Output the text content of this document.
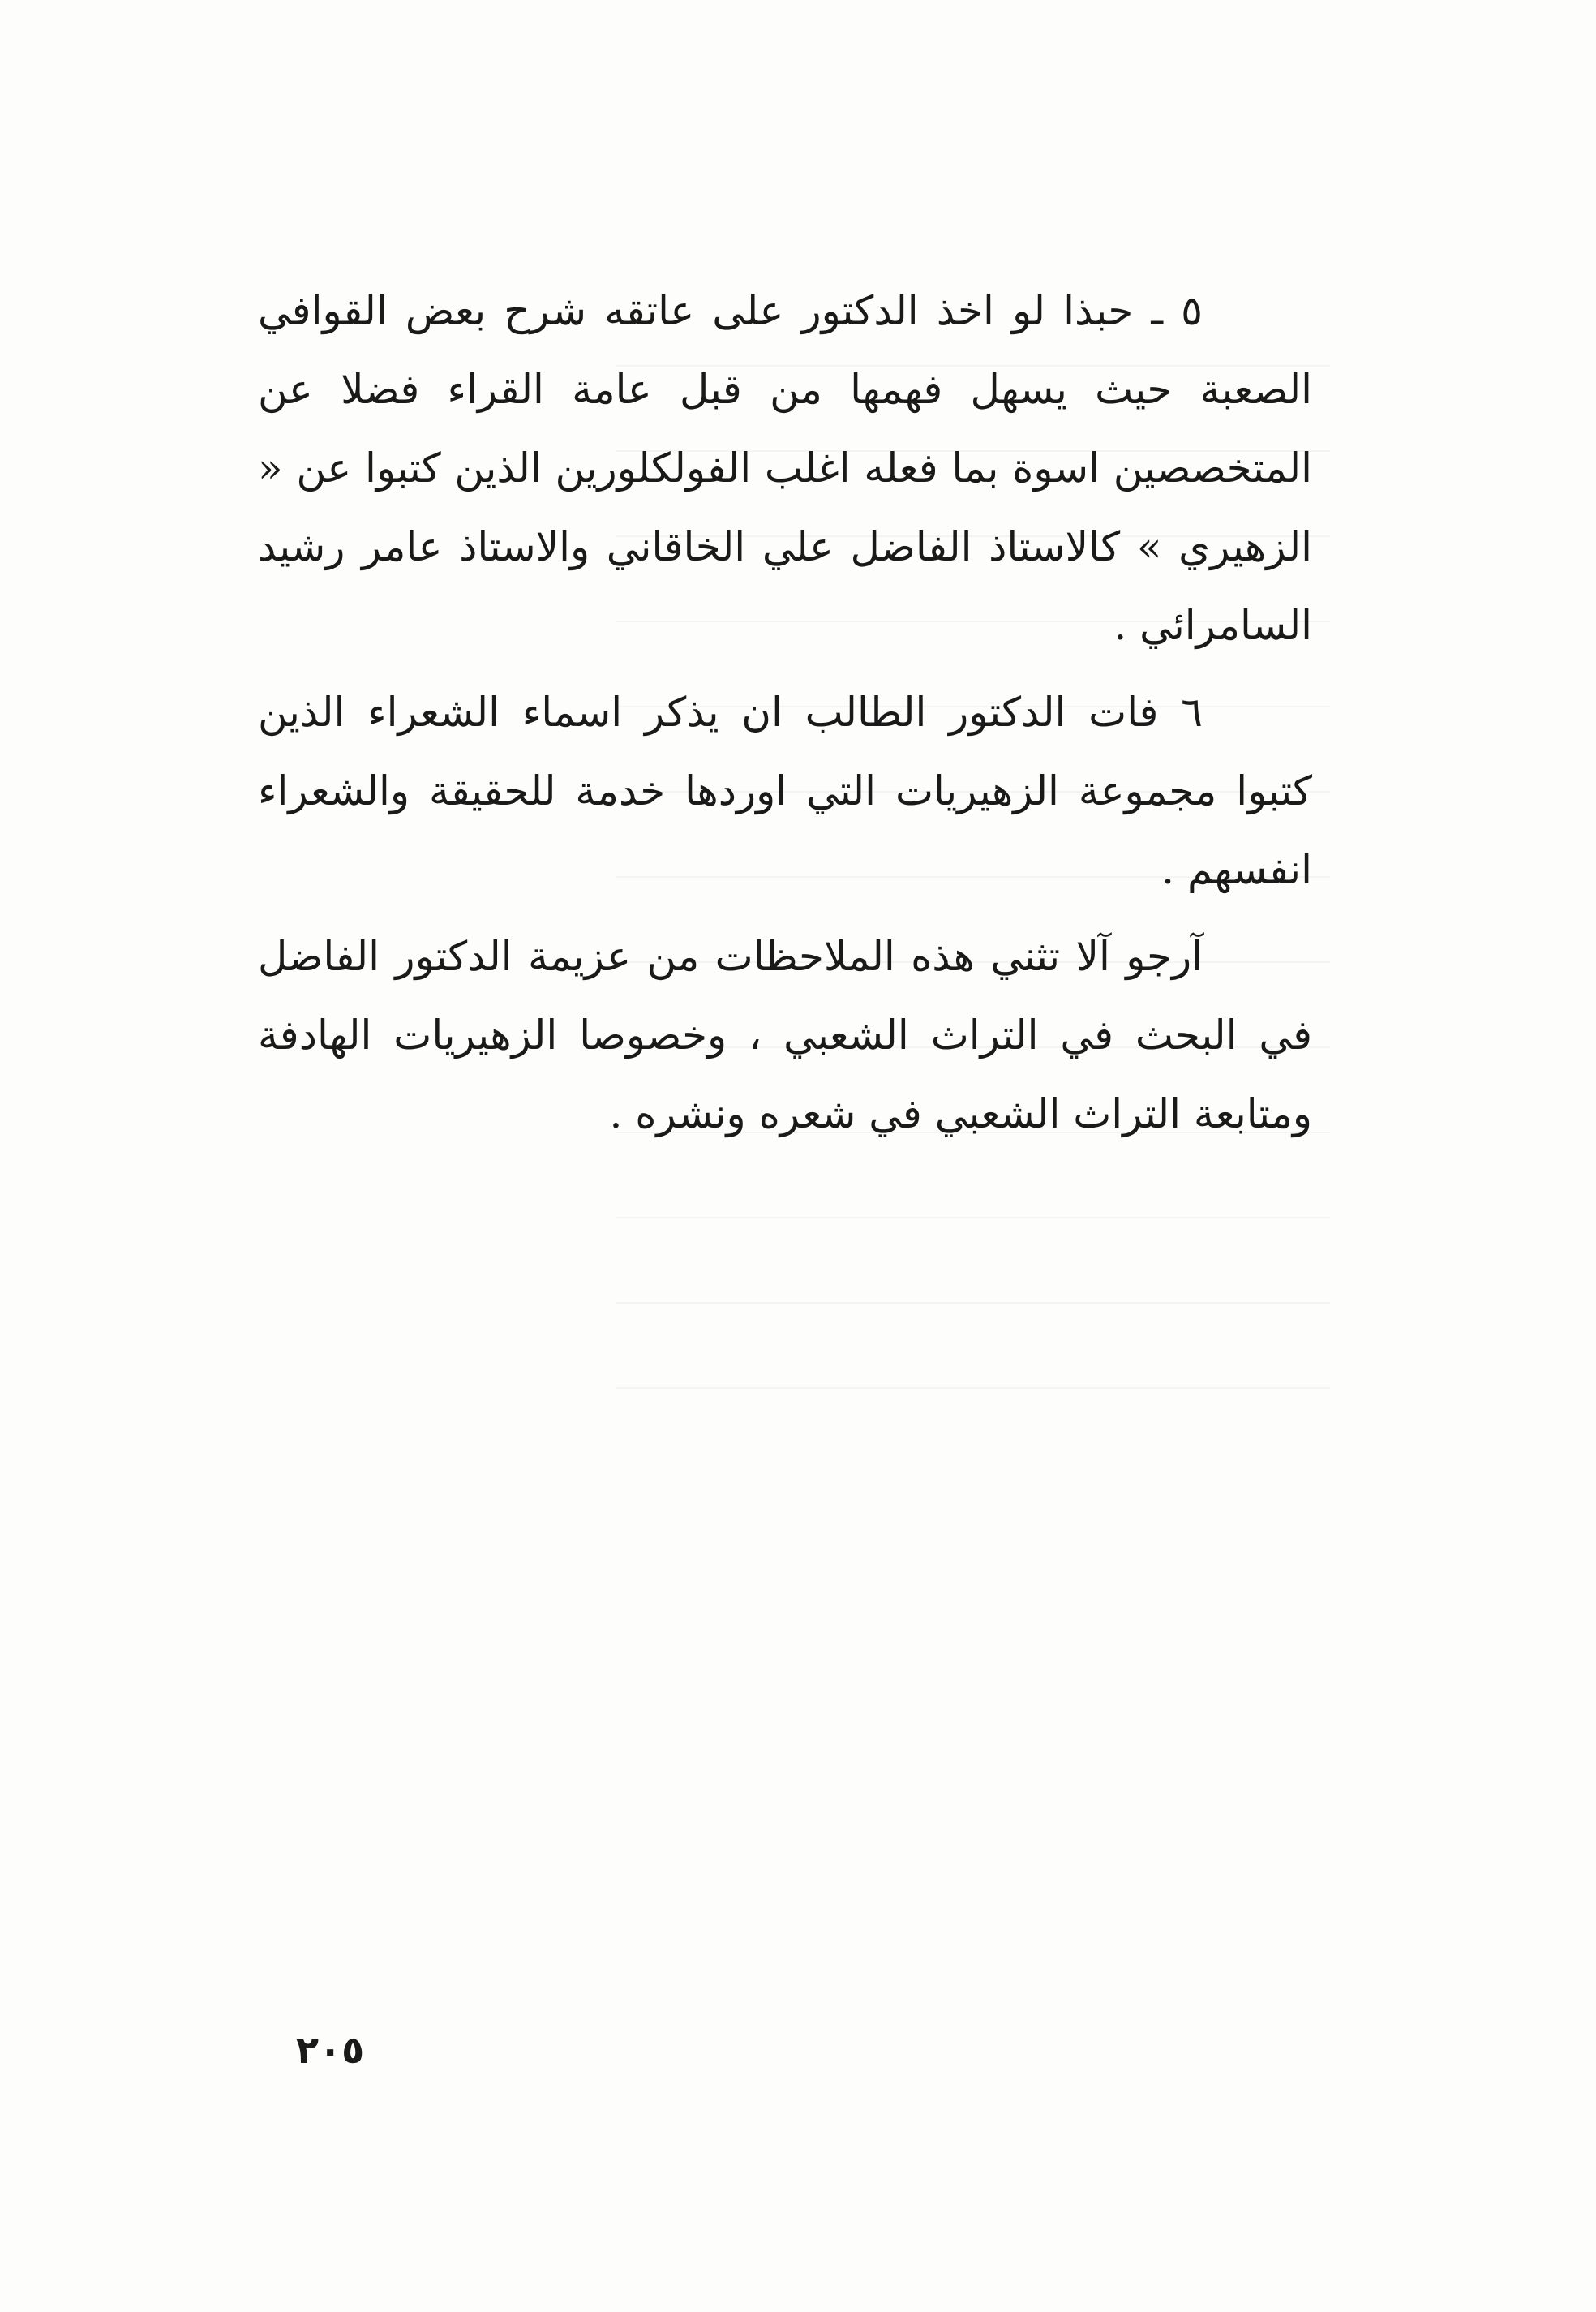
٥ ـ حبذا لو اخذ الدكتور على عاتقه شرح بعض القوافي الصعبة حيث يسهل فهمها من قبل عامة القراء فضلا عن المتخصصين اسوة بما فعله اغلب الفولكلورين الذين كتبوا عن « الزهيري » كالاستاذ الفاضل علي الخاقاني والاستاذ عامر رشيد السامرائي .

٦ فات الدكتور الطالب ان يذكر اسماء الشعراء الذين كتبوا مجموعة الزهيريات التي اوردها خدمة للحقيقة والشعراء انفسهم .

آرجو آلا تثني هذه الملاحظات من عزيمة الدكتور الفاضل في البحث في التراث الشعبي ، وخصوصا الزهيريات الهادفة ومتابعة التراث الشعبي في شعره ونشره .

٢٠٥
